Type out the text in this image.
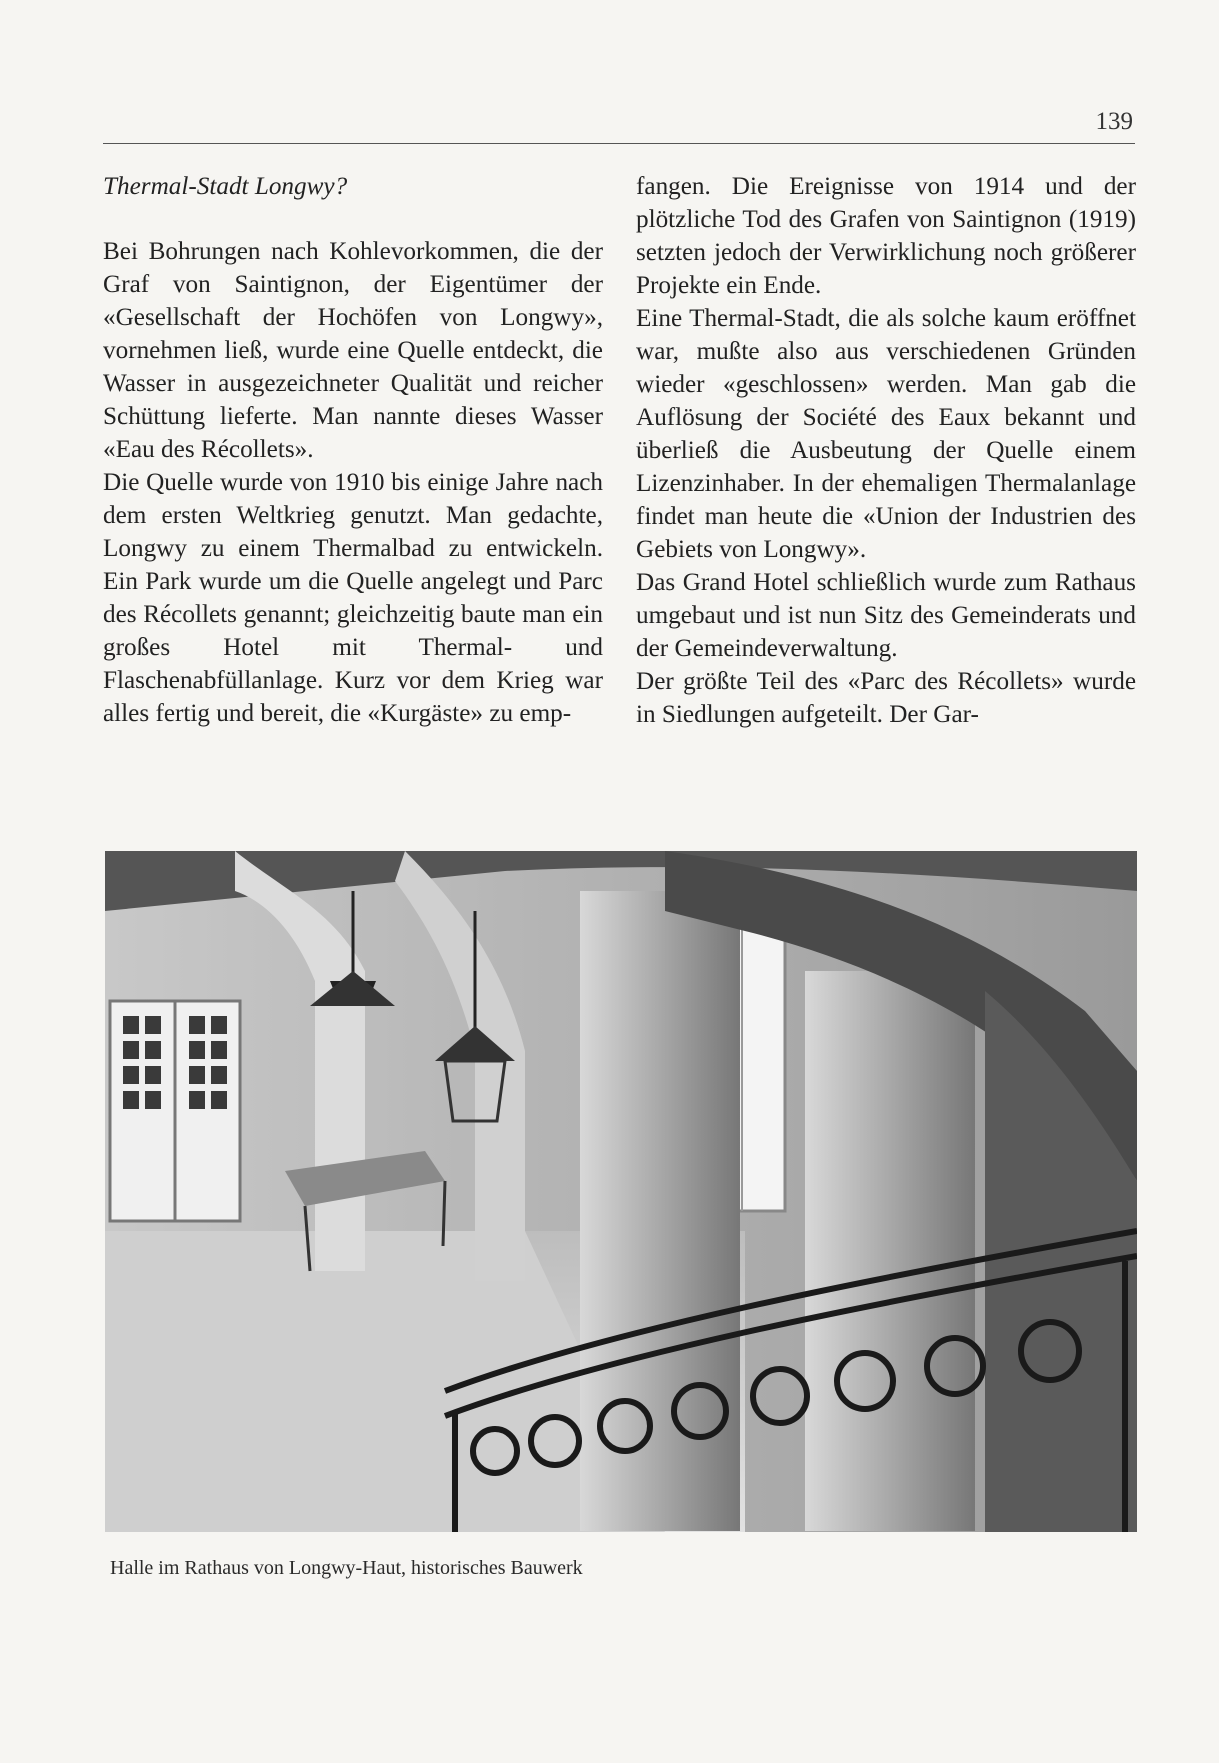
139

Thermal-Stadt Longwy?

Bei Bohrungen nach Kohlevorkommen, die der Graf von Saintignon, der Eigentümer der «Gesellschaft der Hochöfen von Longwy», vornehmen ließ, wurde eine Quelle entdeckt, die Wasser in ausgezeichneter Qualität und reicher Schüttung lieferte. Man nannte dieses Wasser «Eau des Récollets».

Die Quelle wurde von 1910 bis einige Jahre nach dem ersten Weltkrieg genutzt. Man gedachte, Longwy zu einem Thermalbad zu entwickeln. Ein Park wurde um die Quelle angelegt und Parc des Récollets genannt; gleichzeitig baute man ein großes Hotel mit Thermal- und Flaschenabfüllanlage. Kurz vor dem Krieg war alles fertig und bereit, die «Kurgäste» zu emp-

fangen. Die Ereignisse von 1914 und der plötzliche Tod des Grafen von Saintignon (1919) setzten jedoch der Verwirklichung noch größerer Projekte ein Ende.

Eine Thermal-Stadt, die als solche kaum eröffnet war, mußte also aus verschiedenen Gründen wieder «geschlossen» werden. Man gab die Auflösung der Société des Eaux bekannt und überließ die Ausbeutung der Quelle einem Lizenzinhaber. In der ehemaligen Thermalanlage findet man heute die «Union der Industrien des Gebiets von Longwy».

Das Grand Hotel schließlich wurde zum Rathaus umgebaut und ist nun Sitz des Gemeinderats und der Gemeindeverwaltung.

Der größte Teil des «Parc des Récollets» wurde in Siedlungen aufgeteilt. Der Gar-

Halle im Rathaus von Longwy-Haut, historisches Bauwerk
